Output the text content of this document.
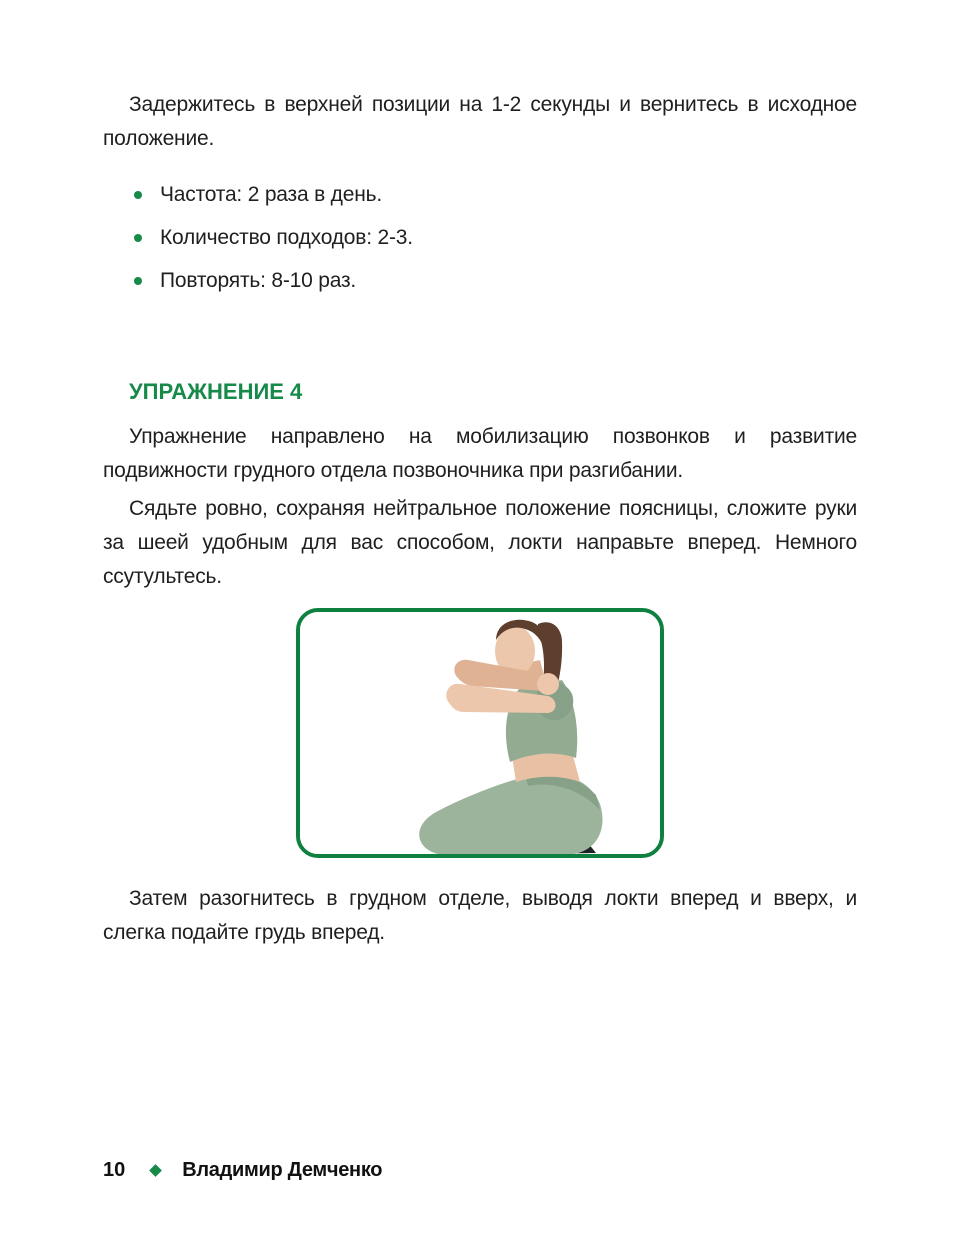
Задержитесь в верхней позиции на 1-2 секунды и вернитесь в исходное положение.

Частота: 2 раза в день.
Количество подходов: 2-3.
Повторять: 8-10 раз.
УПРАЖНЕНИЕ 4

Упражнение направлено на мобилизацию позвонков и развитие подвижности грудного отдела позвоночника при разгибании.

Сядьте ровно, сохраняя нейтральное положение поясницы, сложите руки за шеей удобным для вас способом, локти направьте вперед. Немного ссутультесь.

Затем разогнитесь в грудном отделе, выводя локти вперед и вверх, и слегка подайте грудь вперед.

10	Владимир Демченко
